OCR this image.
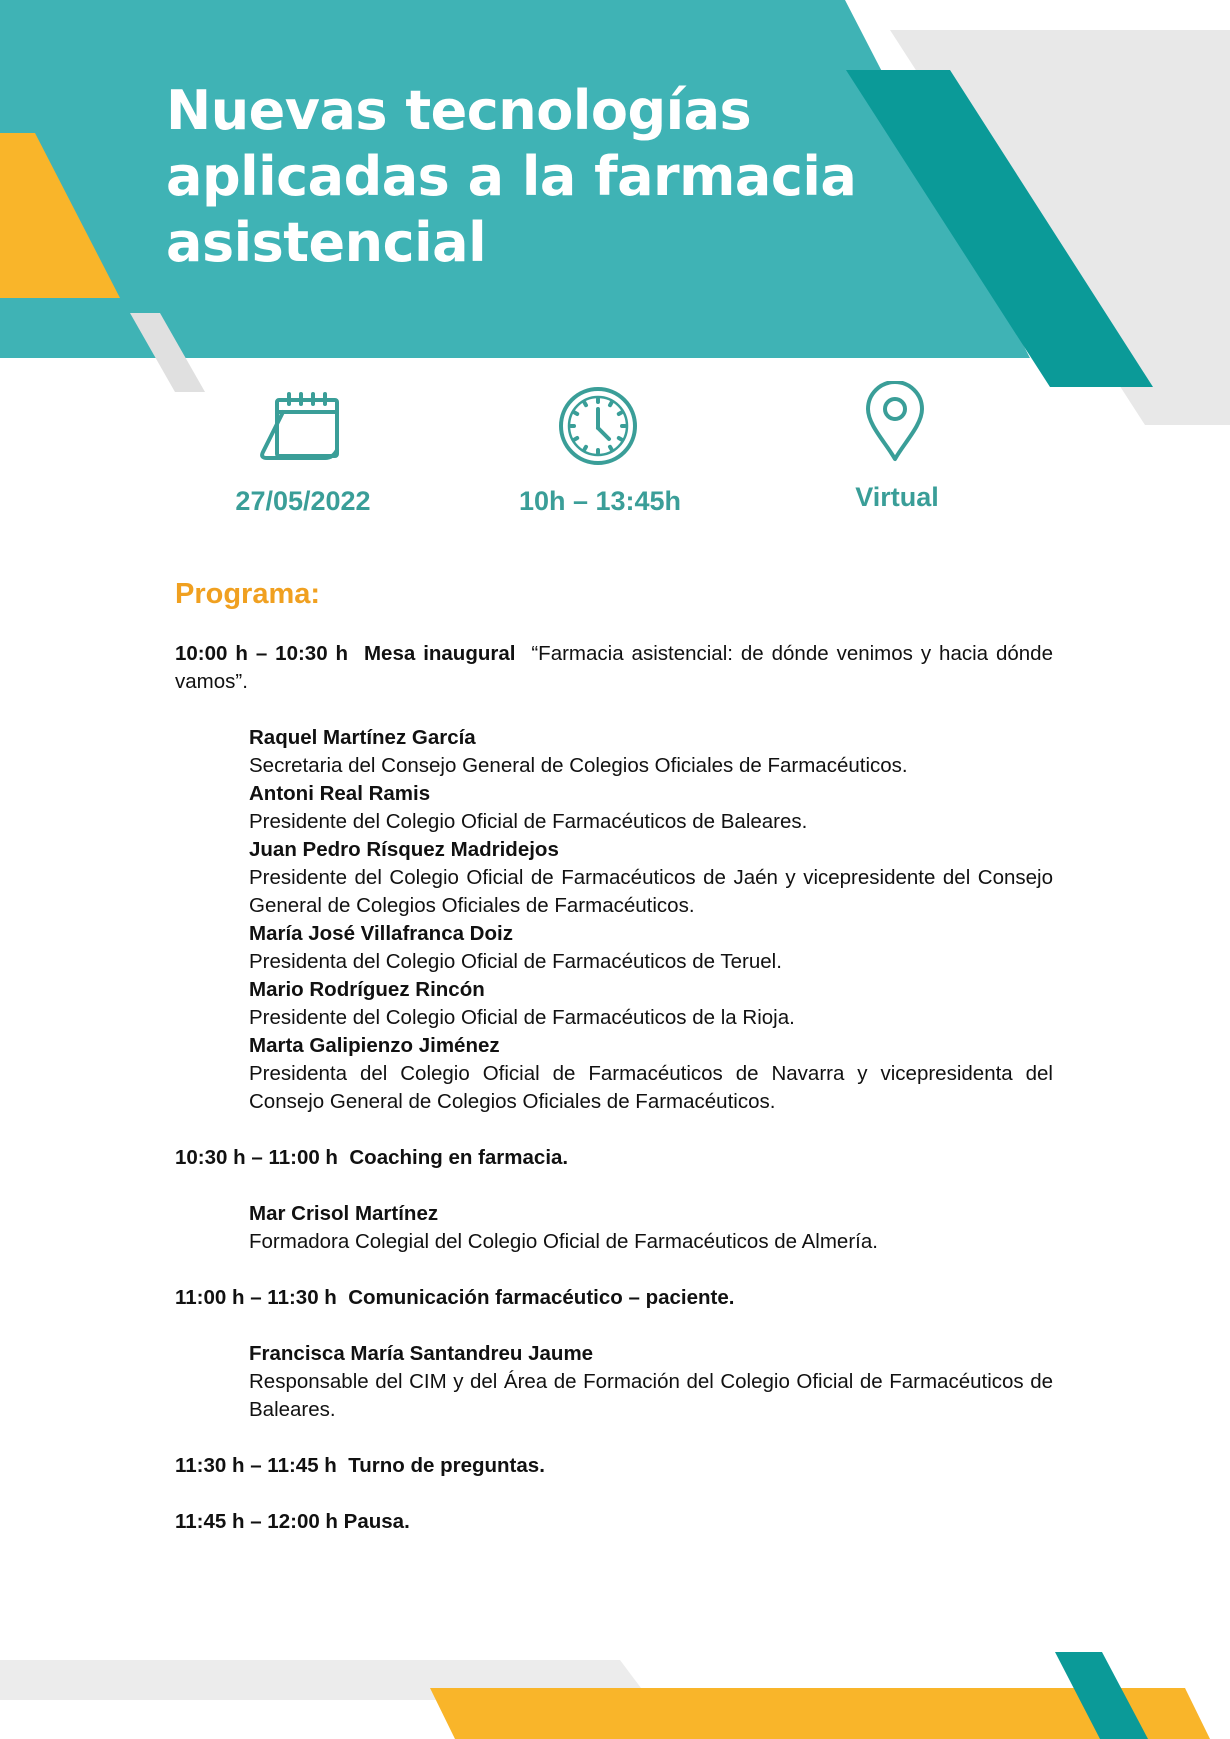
Nuevas tecnologías
aplicadas a la farmacia
asistencial
27/05/2022	10h – 13:45h	Virtual
Programa:
10:00 h – 10:30 h Mesa inaugural “Farmacia asistencial: de dónde venimos y hacia dónde vamos”.
Raquel Martínez García
Secretaria del Consejo General de Colegios Oficiales de Farmacéuticos.
Antoni Real Ramis
Presidente del Colegio Oficial de Farmacéuticos de Baleares.
Juan Pedro Rísquez Madridejos
Presidente del Colegio Oficial de Farmacéuticos de Jaén y vicepresidente del Consejo General de Colegios Oficiales de Farmacéuticos.
María José Villafranca Doiz
Presidenta del Colegio Oficial de Farmacéuticos de Teruel.
Mario Rodríguez Rincón
Presidente del Colegio Oficial de Farmacéuticos de la Rioja.
Marta Galipienzo Jiménez
Presidenta del Colegio Oficial de Farmacéuticos de Navarra y vicepresidenta del Consejo General de Colegios Oficiales de Farmacéuticos.
10:30 h – 11:00 h Coaching en farmacia.
Mar Crisol Martínez
Formadora Colegial del Colegio Oficial de Farmacéuticos de Almería.
11:00 h – 11:30 h Comunicación farmacéutico – paciente.
Francisca María Santandreu Jaume
Responsable del CIM y del Área de Formación del Colegio Oficial de Farmacéuticos de Baleares.
11:30 h – 11:45 h Turno de preguntas.
11:45 h – 12:00 h Pausa.
